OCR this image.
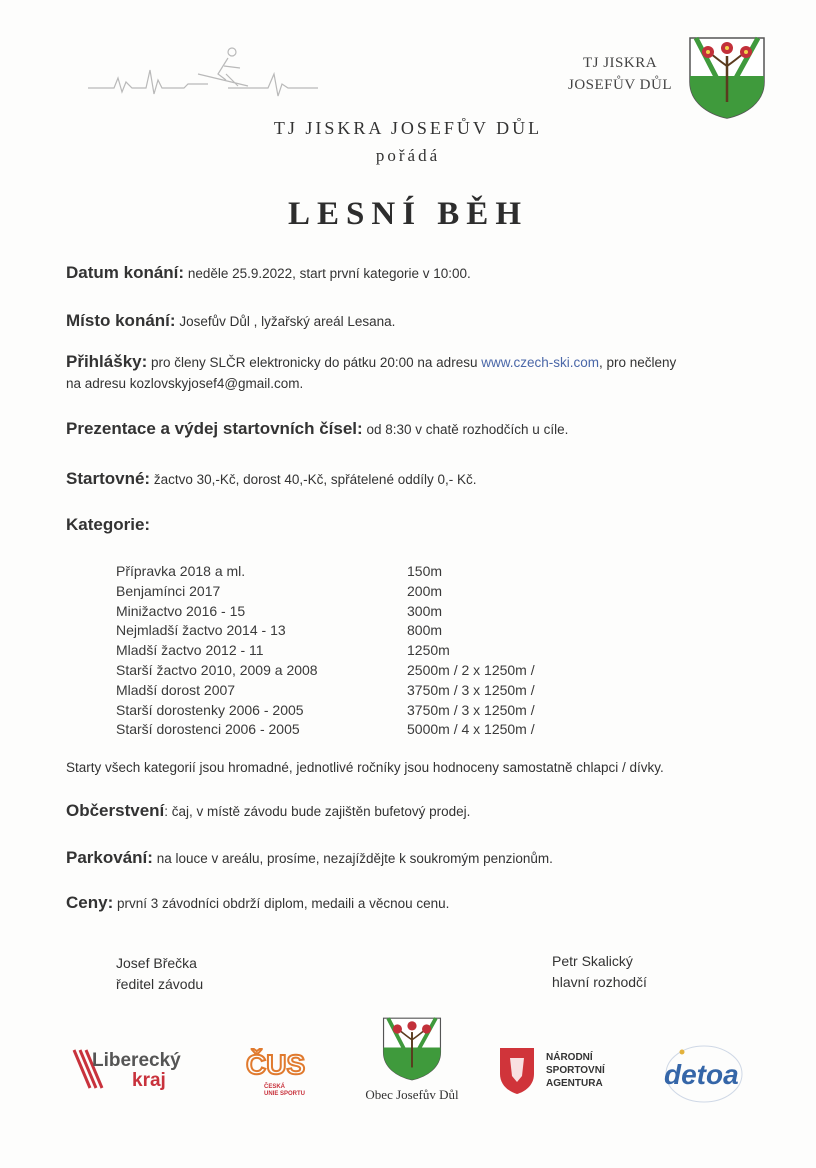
TJ JISKRA
JOSEFŮV DŮL
TJ JISKRA JOSEFŮV DŮL
pořádá
LESNÍ BĚH
Datum konání: neděle 25.9.2022, start první kategorie v 10:00.
Místo konání: Josefův Důl , lyžařský areál Lesana.
Přihlášky: pro členy SLČR elektronicky do pátku 20:00 na adresu www.czech-ski.com, pro nečleny
na adresu kozlovskyjosef4@gmail.com.
Prezentace a výdej startovních čísel: od 8:30 v chatě rozhodčích u cíle.
Startovné: žactvo 30,-Kč, dorost 40,-Kč, spřátelené oddíly 0,- Kč.
Kategorie:
Přípravka 2018 a ml.	150m
Benjamínci 2017	200m
Minižactvo 2016 - 15	300m
Nejmladší žactvo 2014 - 13	800m
Mladší žactvo 2012 - 11	1250m
Starší žactvo 2010, 2009 a 2008	2500m / 2 x 1250m /
Mladší dorost 2007	3750m / 3 x 1250m /
Starší dorostenky 2006 - 2005	3750m / 3 x 1250m /
Starší dorostenci 2006 - 2005	5000m / 4 x 1250m /
Starty všech kategorií jsou hromadné, jednotlivé ročníky jsou hodnoceny samostatně chlapci / dívky.
Občerstvení: čaj, v místě závodu bude zajištěn bufetový prodej.
Parkování: na louce v areálu, prosíme, nezajíždějte k soukromým penzionům.
Ceny: první 3 závodníci obdrží diplom, medaili a věcnou cenu.
Josef Břečka
ředitel závodu
Petr Skalický
hlavní rozhodčí
Liberecký
kraj
ČUS
ČESKÁ
UNIE SPORTU	Obec Josefův Důl
NÁRODNÍ
SPORTOVNÍ
AGENTURA detoa
